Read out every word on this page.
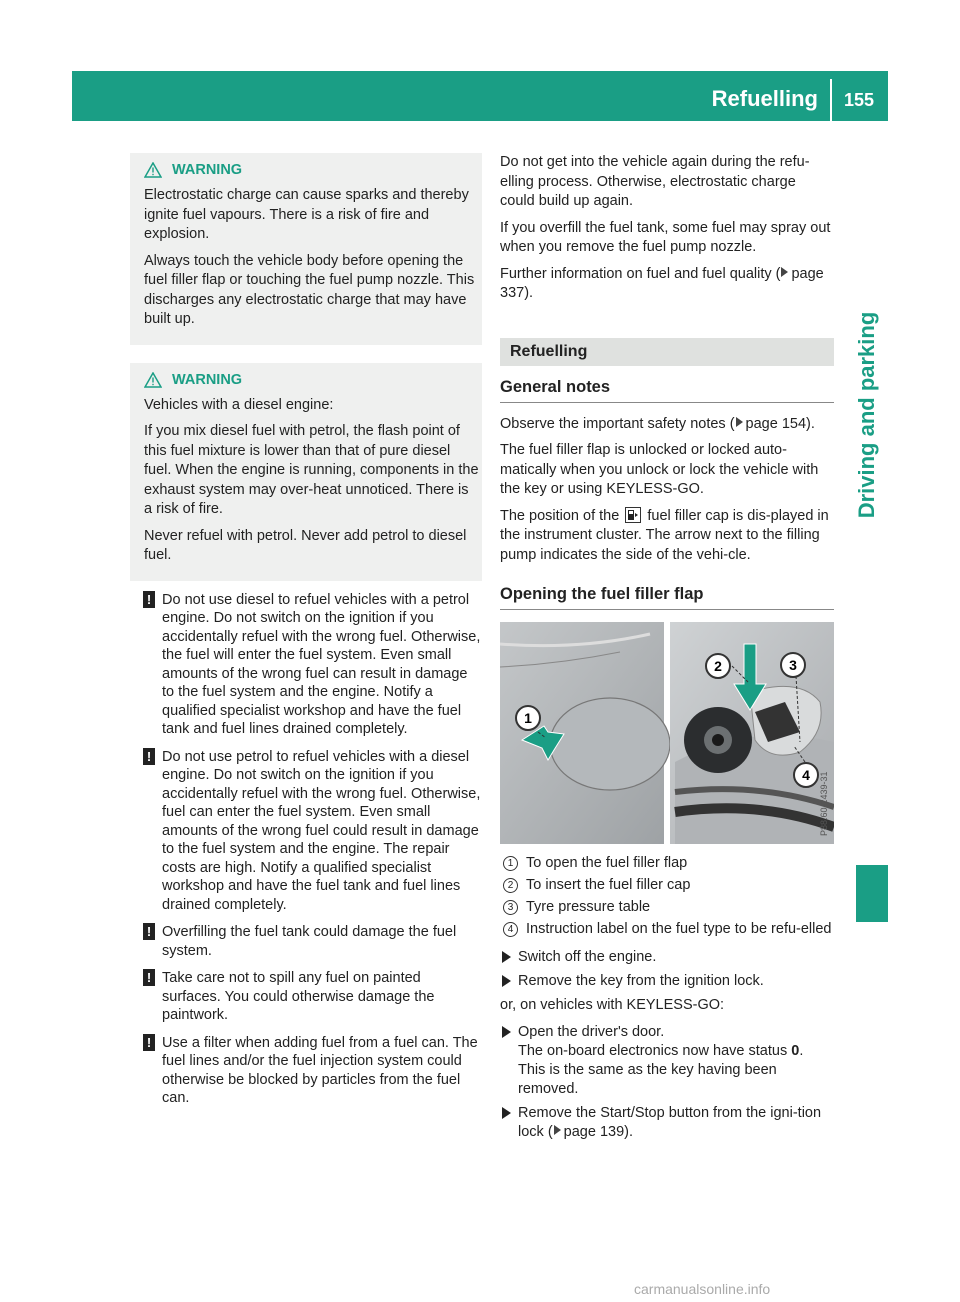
Refuelling 155
Driving and parking
WARNING

Electrostatic charge can cause sparks and thereby ignite fuel vapours. There is a risk of fire and explosion.

Always touch the vehicle body before opening the fuel filler flap or touching the fuel pump nozzle. This discharges any electrostatic charge that may have built up.

WARNING

Vehicles with a diesel engine:

If you mix diesel fuel with petrol, the flash point of this fuel mixture is lower than that of pure diesel fuel. When the engine is running, components in the exhaust system may over-heat unnoticed. There is a risk of fire.

Never refuel with petrol. Never add petrol to diesel fuel.

! Do not use diesel to refuel vehicles with a petrol engine. Do not switch on the ignition if you accidentally refuel with the wrong fuel. Otherwise, the fuel will enter the fuel system. Even small amounts of the wrong fuel can result in damage to the fuel system and the engine. Notify a qualified specialist workshop and have the fuel tank and fuel lines drained completely.
! Do not use petrol to refuel vehicles with a diesel engine. Do not switch on the ignition if you accidentally refuel with the wrong fuel. Otherwise, fuel can enter the fuel system. Even small amounts of the wrong fuel could result in damage to the fuel system and the engine. The repair costs are high. Notify a qualified specialist workshop and have the fuel tank and fuel lines drained completely.
! Overfilling the fuel tank could damage the fuel system.
! Take care not to spill any fuel on painted surfaces. You could otherwise damage the paintwork.
! Use a filter when adding fuel from a fuel can. The fuel lines and/or the fuel injection system could otherwise be blocked by particles from the fuel can.

Do not get into the vehicle again during the refu-elling process. Otherwise, electrostatic charge could build up again.

If you overfill the fuel tank, some fuel may spray out when you remove the fuel pump nozzle.

Further information on fuel and fuel quality ( page 337).

Refuelling
General notes

Observe the important safety notes ( page 154).

The fuel filler flap is unlocked or locked auto-matically when you unlock or lock the vehicle with the key or using KEYLESS-GO.

The position of the fuel filler cap is dis-played in the instrument cluster. The arrow next to the filling pump indicates the side of the vehi-cle.

Opening the fuel filler flap
1
2	3
4 P88.60-2439-31
1 To open the fuel filler flap
2 To insert the fuel filler cap
3 Tyre pressure table
4 Instruction label on the fuel type to be refu-elled
Switch off the engine.
Remove the key from the ignition lock.

or, on vehicles with KEYLESS-GO:

Open the driver's door.
The on-board electronics now have status 0.
This is the same as the key having been removed.
Remove the Start/Stop button from the igni-tion lock ( page 139).
carmanualsonline.info
